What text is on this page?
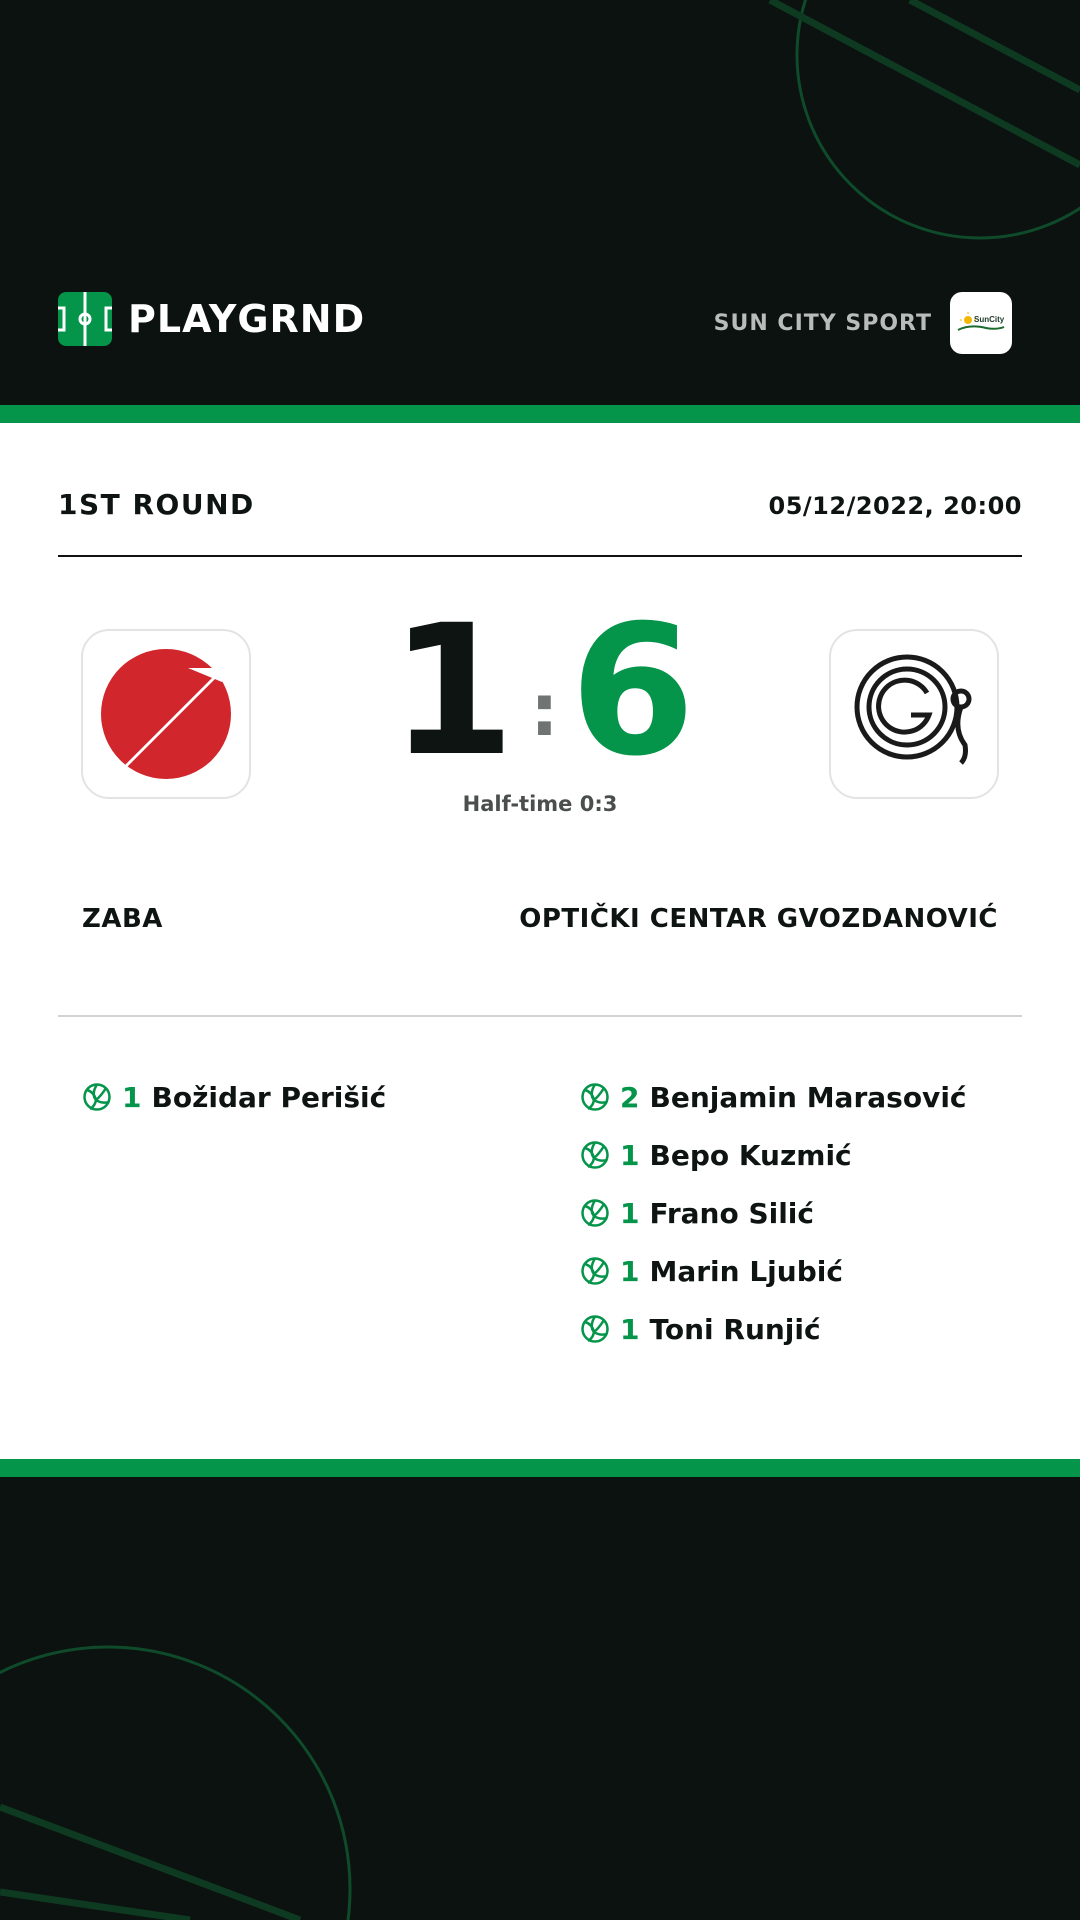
PLAYGRND	SUN CITY SPORT	SunCity
1ST ROUND	05/12/2022, 20:00
1 : 6
Half-time 0:3
ZABA	OPTIČKI CENTAR GVOZDANOVIĆ
1 Božidar Perišić	2 Benjamin Marasović
1 Bepo Kuzmić
1 Frano Silić
1 Marin Ljubić
1 Toni Runjić
